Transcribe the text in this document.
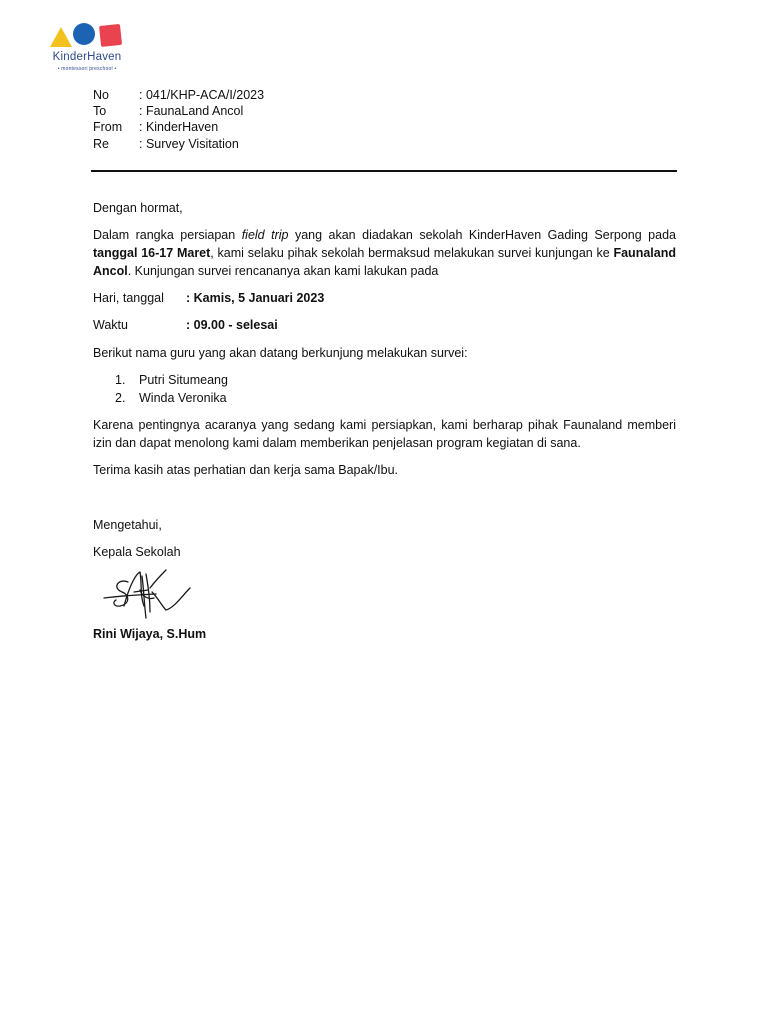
KinderHaven
• montessori preschool •
No	: 041/KHP-ACA/I/2023
To	: FaunaLand Ancol
From	: KinderHaven
Re	: Survey Visitation
Dengan hormat,
Dalam rangka persiapan field trip yang akan diadakan sekolah KinderHaven Gading Serpong pada tanggal 16-17 Maret, kami selaku pihak sekolah bermaksud melakukan survei kunjungan ke Faunaland Ancol. Kunjungan survei rencananya akan kami lakukan pada
Hari, tanggal	: Kamis, 5 Januari 2023
Waktu	: 09.00 - selesai
Berikut nama guru yang akan datang berkunjung melakukan survei:
1.	Putri Situmeang
2.	Winda Veronika
Karena pentingnya acaranya yang sedang kami persiapkan, kami berharap pihak Faunaland memberi izin dan dapat menolong kami dalam memberikan penjelasan program kegiatan di sana.
Terima kasih atas perhatian dan kerja sama Bapak/Ibu.
Mengetahui,
Kepala Sekolah
Rini Wijaya, S.Hum
